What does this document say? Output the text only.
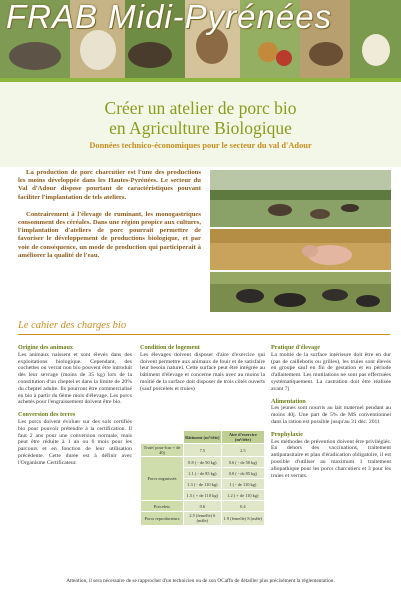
FRAB Midi-Pyrénées
Créer un atelier de porc bio
en Agriculture Biologique
Données technico-économiques pour le secteur du val d'Adour

La production de porc charcutier est l'une des productions les moins développée dans les Hautes-Pyrénées. Le secteur du Val d'Adour dispose pourtant de caractéristiques pouvant faciliter l'implantation de tels ateliers.

Contrairement à l'élevage de ruminant, les monogastriques consomment des céréales. Dans une région propice aux cultures, l'implantation d'ateliers de porc pourrait permettre de favoriser le développement de productions biologique, et par voie de conséquence, un mode de production qui participerait à améliorer la qualité de l'eau.

Le cahier des charges bio
Origine des animaux

Les animaux naissent et sont élevés dans des exploitations biologique. Cependant, des cochettes ou verrat non bio pouvent être introduit dès leur sevrage (moins de 35 kg) lors de la constitution d'un cheptel et dans la limite de 20% du cheptel adulte. Ils pourront être commercialisé en bio à partir du 6ème mois d'élevage. Les porcs achetés pour l'engraissement doivent être bio.

Conversion des terres

Les porcs doivent évoluer sur des sols certifiés bio pour pouvoir prétendre à la certification. Il faut 2 ans pour une conversion normale, mais peut être réduite à 1 an ou 6 mois pour les parcours et en fonction de leur utilisation précédente. Cette durée est à définir avec l'Organisme Certificateur.

Condition de logement

Les élevages doivent disposer d'aire d'exercice qui doivent permettre aux animaux de fouir et de satisfaire leur besoin naturel. Cette surface peut être intégrée au bâtiment d'élevage et concerne mais avec au moins la moitié de la surface doit disposer de trois côtés ouverts (sauf porcelets et truies)

	Bâtiment (m²/tête)	Aire d'exercice (m²/tête)
Truie/ pour-lcur + de 40j	7.5	2.5
Porcs engraissés	0.8 ( - de 50 kg)	0.6 ( - de 50 kg)
	1.1 ( - de 85 kg)	0.8 ( - de 85 kg)
	1.3 ( - de 110 kg)	1 ( - de 110 kg)
	1.5 ( + de 110 kg)	1.2 ( + de 110 kg)
Porcelets	0.6	0.4
Porcs reproducteurs	2.5 (femelle) 6 (mâle)	1.9 (femelle) 8 (mâle)
Pratique d'élevage

La moitié de la surface intérieure doit être en dur (pas de caillebotis ou grilles), les truies sont élevés en groupe sauf en fin de gestation et en période d'allaitement. Les mutilations ne sont pas effectuées systématiquement. La castration doit être réalisée avant 7j

Alimentation

Les jeunes sont nourris au lait maternel pendant au moins 40j. Une part de 5% de MS conventionnel dans la ration est possible jusqu'au 31 déc. 2011

Prophylaxie

Les méthodes de prévention doivent être privilégiés. En dehors des vaccinations, traitement antiparasitaire et plan d'éradication obligatoire, il est possible d'utiliser au maximum 1 traitement allopathique pour les porcs charcutiers et 3 pour les truies et verrats.

Attention, il sera nécessaire de se rapprocher d'un technicien ou de son OCaffn de détailler plus précisément la réglementation.
